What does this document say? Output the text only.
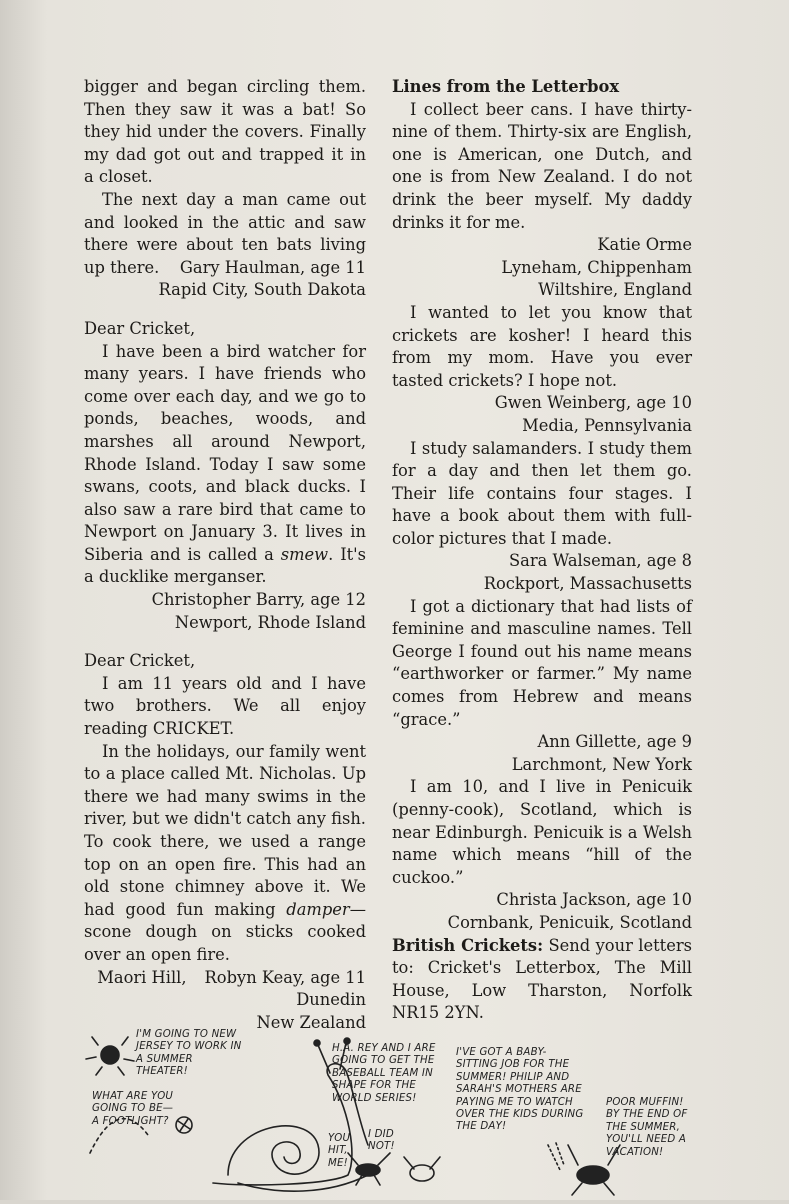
bigger and began circling them. Then they saw it was a bat! So they hid under the covers. Finally my dad got out and trapped it in a closet.

The next day a man came out and looked in the attic and saw there were about ten bats living up there.	Gary Haulman, age 11

Rapid City, South Dakota

Dear Cricket,

I have been a bird watcher for many years. I have friends who come over each day, and we go to ponds, beaches, woods, and marshes all around Newport, Rhode Island. Today I saw some swans, coots, and black ducks. I also saw a rare bird that came to Newport on January 3. It lives in Siberia and is called a smew. It's a ducklike merganser.

Christopher Barry, age 12

Newport, Rhode Island

Dear Cricket,

I am 11 years old and I have two brothers. We all enjoy reading CRICKET.

In the holidays, our family went to a place called Mt. Nicholas. Up there we had many swims in the river, but we didn't catch any fish. To cook there, we used a range top on an open fire. This had an old stone chimney above it. We had good fun making damper—scone dough on sticks cooked over an open fire.
Robyn Keay, age 11

Maori Hill, Dunedin

New Zealand

Lines from the Letterbox

I collect beer cans. I have thirty-nine of them. Thirty-six are English, one is American, one Dutch, and one is from New Zealand. I do not drink the beer myself. My daddy drinks it for me.

Katie Orme

Lyneham, Chippenham

Wiltshire, England

I wanted to let you know that crickets are kosher! I heard this from my mom. Have you ever tasted crickets? I hope not.

Gwen Weinberg, age 10

Media, Pennsylvania

I study salamanders. I study them for a day and then let them go. Their life contains four stages. I have a book about them with full-color pictures that I made.

Sara Walseman, age 8

Rockport, Massachusetts

I got a dictionary that had lists of feminine and masculine names. Tell George I found out his name means “earthworker or farmer.” My name comes from Hebrew and means “grace.”

Ann Gillette, age 9

Larchmont, New York

I am 10, and I live in Penicuik (penny-cook), Scotland, which is near Edinburgh. Penicuik is a Welsh name which means “hill of the cuckoo.”

Christa Jackson, age 10

Cornbank, Penicuik, Scotland

British Crickets: Send your letters to: Cricket's Letterbox, The Mill House, Low Tharston, Norfolk NR15 2YN.

I'M GOING TO NEW JERSEY TO WORK IN A SUMMER THEATER!
WHAT ARE YOU GOING TO BE— A FOOTLIGHT?
H.A. REY AND I ARE GOING TO GET THE BASEBALL TEAM IN SHAPE FOR THE WORLD SERIES!
YOU HIT, ME!
I DID NOT!
I'VE GOT A BABY-SITTING JOB FOR THE SUMMER! PHILIP AND SARAH'S MOTHERS ARE PAYING ME TO WATCH OVER THE KIDS DURING THE DAY!
POOR MUFFIN! BY THE END OF THE SUMMER, YOU'LL NEED A VACATION!
